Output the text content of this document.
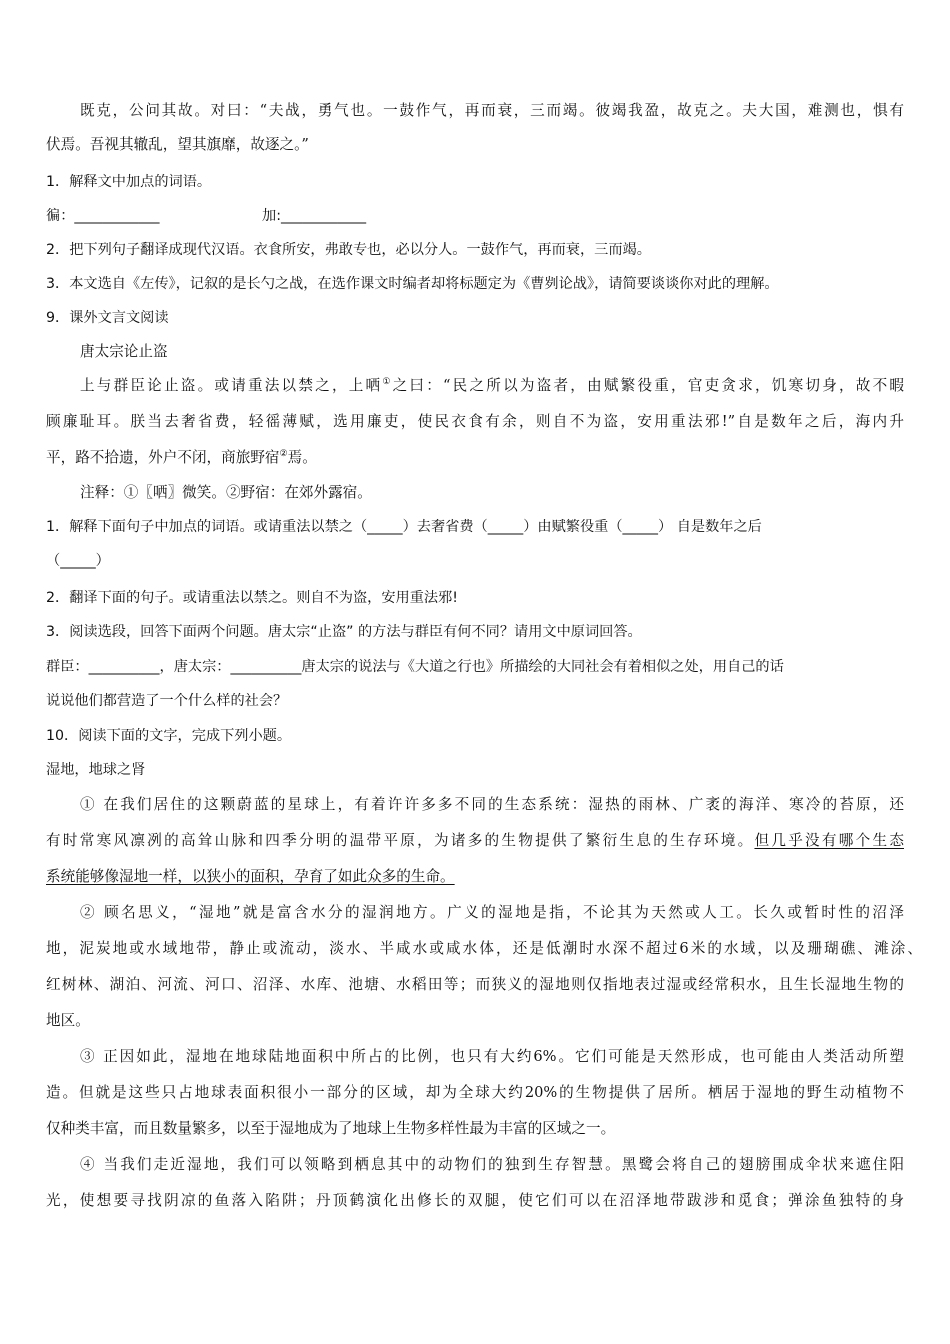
既克，公问其故。对曰：“夫战，勇气也。一鼓作气，再而衰，三而竭。彼竭我盈，故克之。夫大国，难测也，惧有
伏焉。吾视其辙乱，望其旗靡，故逐之。”
1．解释文中加点的词语。
徧：____________	加:____________
2．把下列句子翻译成现代汉语。衣食所安，弗敢专也，必以分人。一鼓作气，再而衰，三而竭。
3．本文选自《左传》，记叙的是长勺之战，在选作课文时编者却将标题定为《曹刿论战》，请简要谈谈你对此的理解。
9．课外文言文阅读
唐太宗论止盗
上与群臣论止盗。或请重法以禁之，上哂①之曰：“民之所以为盗者，由赋繁役重，官吏贪求，饥寒切身，故不暇
顾廉耻耳。朕当去奢省费，轻徭薄赋，选用廉吏，使民衣食有余，则自不为盗，安用重法邪!”自是数年之后，海内升
平，路不拾遗，外户不闭，商旅野宿②焉。
注释：①〖哂〗微笑。②野宿：在郊外露宿。
1．解释下面句子中加点的词语。或请重法以禁之（_____）去奢省费（_____）由赋繁役重（_____） 自是数年之后
（_____）
2．翻译下面的句子。或请重法以禁之。则自不为盗，安用重法邪!
3．阅读选段，回答下面两个问题。唐太宗“止盗” 的方法与群臣有何不同？请用文中原词回答。
群臣：__________，唐太宗：__________唐太宗的说法与《大道之行也》所描绘的大同社会有着相似之处，用自己的话
说说他们都营造了一个什么样的社会？
10．阅读下面的文字，完成下列小题。
湿地，地球之肾
① 在我们居住的这颗蔚蓝的星球上，有着许许多多不同的生态系统：湿热的雨林、广袤的海洋、寒冷的苔原，还
有时常寒风凛冽的高耸山脉和四季分明的温带平原，为诸多的生物提供了繁衍生息的生存环境。但几乎没有哪个生态
系统能够像湿地一样，以狭小的面积，孕育了如此众多的生命。
② 顾名思义，“湿地”就是富含水分的湿润地方。广义的湿地是指，不论其为天然或人工。长久或暂时性的沼泽
地，泥炭地或水域地带，静止或流动，淡水、半咸水或咸水体，还是低潮时水深不超过6米的水域，以及珊瑚礁、滩涂、
红树林、湖泊、河流、河口、沼泽、水库、池塘、水稻田等；而狭义的湿地则仅指地表过湿或经常积水，且生长湿地生物的
地区。
③ 正因如此，湿地在地球陆地面积中所占的比例，也只有大约6%。它们可能是天然形成，也可能由人类活动所塑
造。但就是这些只占地球表面积很小一部分的区域，却为全球大约20%的生物提供了居所。栖居于湿地的野生动植物不
仅种类丰富，而且数量繁多，以至于湿地成为了地球上生物多样性最为丰富的区域之一。
④ 当我们走近湿地，我们可以领略到栖息其中的动物们的独到生存智慧。黑鹭会将自己的翅膀围成伞状来遮住阳
光，使想要寻找阴凉的鱼落入陷阱；丹顶鹤演化出修长的双腿，使它们可以在沼泽地带跋涉和觅食；弹涂鱼独特的身
